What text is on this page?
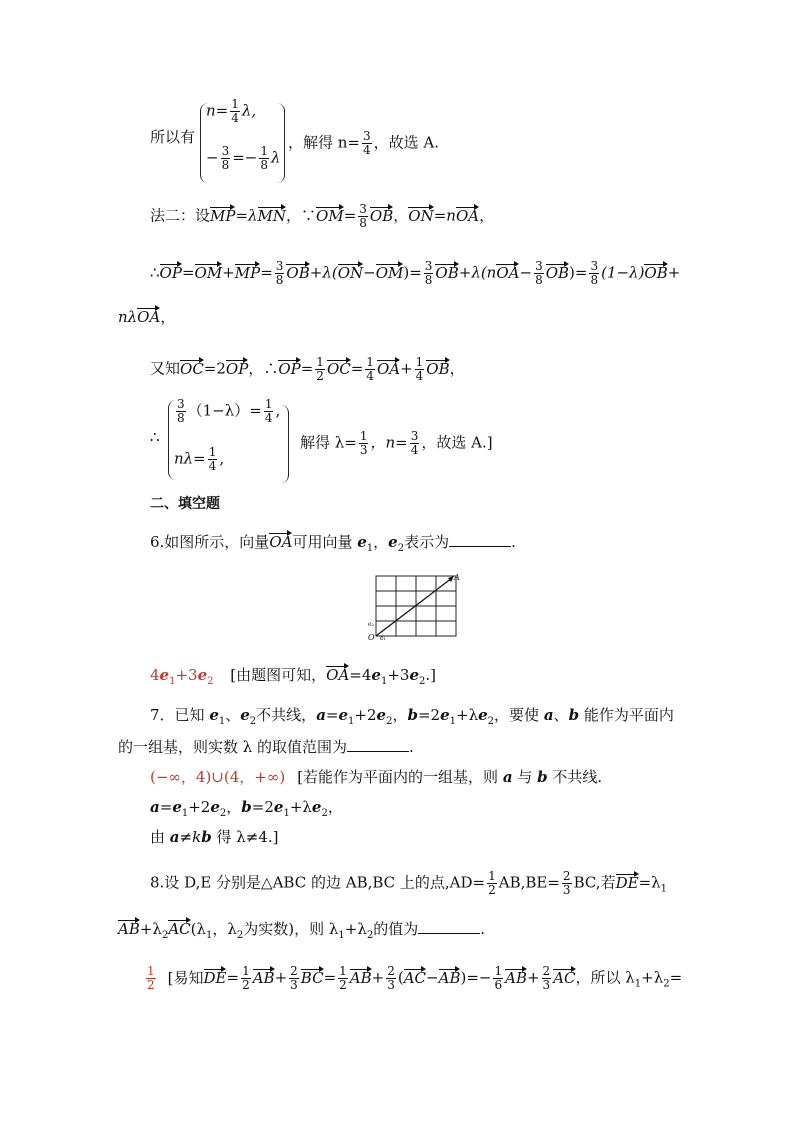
所以有
$n= \frac{1}{4} \lambda$,
− $\frac{3}{8} =- \frac{1}{8}$ λ
，解得 $n= \frac{3}{4}$ ，故选 A.
法二：设MP=λMN，∵OM= $\frac{3}{8}$ OB，ON=nOA，
∴OP=OM+MP= $\frac{3}{8} OB+\lambda(ON-OM)= \frac{3}{8} OB+\lambda(nOA- \frac{3}{8} OB)= \frac{3}{8} (1-\lambda)OB+$
nλOA，
又知OC=2OP，∴OP= $\frac{1}{2} OC= \frac{1}{4} OA+ \frac{1}{4}$ OB，
∴
$\frac{3}{8} (1-\lambda)= \frac{1}{4}$ ,
$n\lambda= \frac{1}{4}$ ,
解得 $\lambda= \frac{1}{3}$ ，$n= \frac{3}{4}$ ，故选 A.]
二、填空题
6.如图所示，向量OA可用向量 $e_1$，$e_2$表示为	.
A
O e₁
e₂
$4e_1+3e_2$ [由题图可知，$OA=4e_1+3e_2$.]
7．已知 $e_1$、$e_2$不共线，$a=e_1+2e_2$，$b=2e_1+\lambda e_2$，要使 a、b 能作为平面内
的一组基，则实数 λ 的取值范围为	.
(−∞，4)∪(4，+∞) [若能作为平面内的一组基，则 a 与 b 不共线.
$a=e_1+2e_2$，$b=2e_1+\lambda e_2$，
由 a≠kb 得 λ≠4.]
8.设 D,E 分别是△ABC 的边 AB,BC 上的点$,AD= \frac{1}{2} AB,BE= \frac{2}{3}$ BC,若$DE=\lambda_1$
$AB+\lambda_2AC(\lambda_1$，$\lambda_2$为实数)，则 $\lambda_1+\lambda_2$的值为	.
$\frac{1}{2}$ [易知$DE= \frac{1}{2} AB+ \frac{2}{3} BC= \frac{1}{2} AB+ \frac{2}{3} (AC-AB)=- \frac{1}{6} AB+ \frac{2}{3}$ AC，所以 $\lambda_1+\lambda_2=$
